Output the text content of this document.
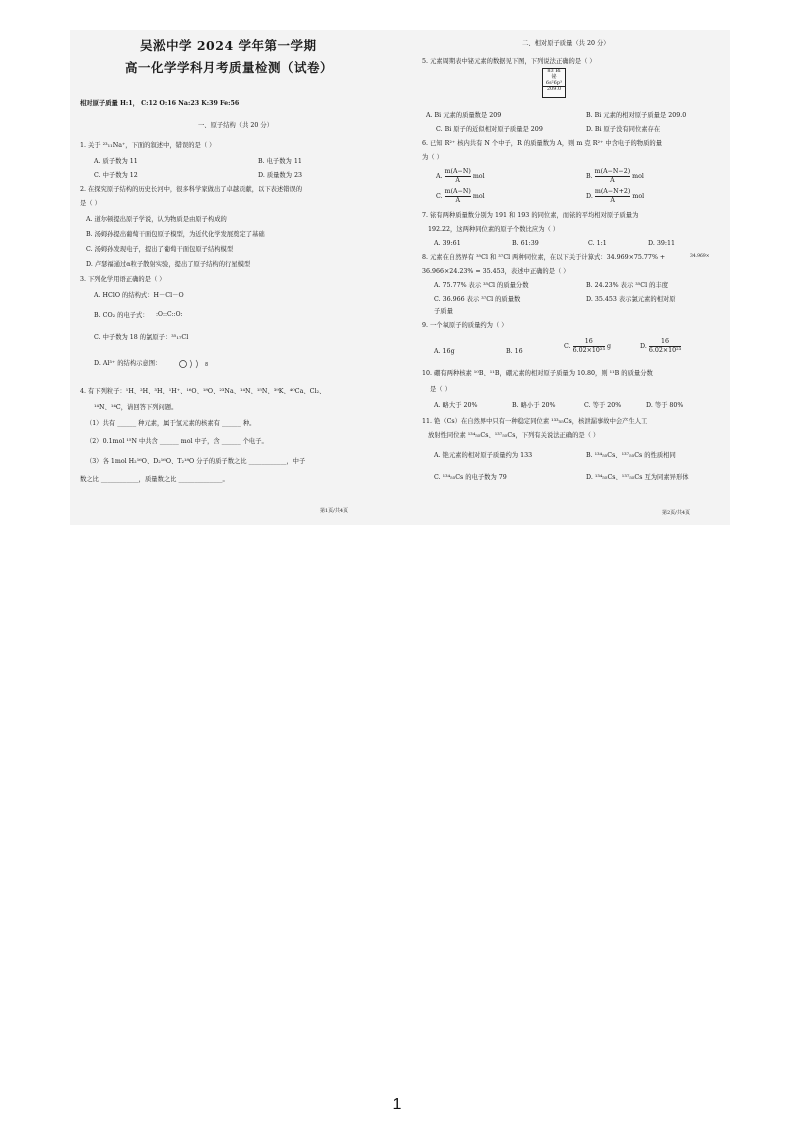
吴淞中学 2024 学年第一学期
高一化学学科月考质量检测（试卷）
相对原子质量 H:1， C:12 O:16 Na:23 K:39 Fe:56
一、原子结构（共 20 分）
1. 关于 ²³₁₁Na⁺，下面的叙述中，错误的是（ ）
A. 质子数为 11	B. 电子数为 11
C. 中子数为 12	D. 质量数为 23
2. 在探究原子结构的历史长河中，很多科学家做出了卓越贡献，以下表述错误的
是（ ）
A. 道尔顿提出原子学说，认为物质是由原子构成的
B. 汤姆孙提出葡萄干面包原子模型，为近代化学发展奠定了基础
C. 汤姆孙发现电子，提出了葡萄干面包原子结构模型
D. 卢瑟福通过α粒子散射实验，提出了原子结构的行星模型
3. 下列化学用语正确的是（ ）
A. HClO 的结构式：H－Cl－O
B. CO₂ 的电子式： :O::C::O:
C. 中子数为 18 的氯原子：³⁵₁₇Cl
D. Al³⁺ 的结构示意图：	8
4. 有下列粒子：¹H、²H、³H、¹H⁺、¹⁶O、¹⁸O、²³Na、¹⁴N、¹⁵N、³⁹K、⁴⁰Ca、Cl₂、
¹⁴N、¹⁴C，请回答下列问题。
（1）共有 ______ 种元素，属于氢元素的核素有 ______ 种。
（2）0.1mol ¹⁵N 中共含 ______ mol 中子，含 ______ 个电子。
（3）各 1mol H₂¹⁶O、D₂¹⁶O、T₂¹⁸O 分子的质子数之比 ____________，中子
数之比 ____________，质量数之比 ______________。
第1页/共4页
二、相对原子质量（共 20 分）
5. 元素周期表中铋元素的数据见下图，下列说法正确的是（ ）
83 Bi
铋
6s²6p³
209.0
A. Bi 元素的质量数是 209	B. Bi 元素的相对原子质量是 209.0
C. Bi 原子的近似相对原子质量是 209	D. Bi 原子没有同位素存在
6. 已知 R²⁺ 核内共有 N 个中子，R 的质量数为 A，则 m 克 R²⁺ 中含电子的物质的量
为（ ）
A. $\frac{m(A-N)}{A}$ mol	B. $\frac{m(A-N-2)}{A}$ mol
C. $\frac{m(A-N)}{A}$ mol	D. $\frac{m(A-N+2)}{A}$ mol
7. 铱有两种质量数分别为 191 和 193 的同位素，而铱的平均相对原子质量为
192.22，这两种同位素的原子个数比应为（ ）
A. 39:61	B. 61:39	C. 1:1	D. 39:11
8. 元素在自然界有 ³⁵Cl 和 ³⁷Cl 两种同位素，在以下关于计算式：34.969×75.77% +	34.969×
36.966×24.23% = 35.453，表述中正确的是（ ）
A. 75.77% 表示 ³⁵Cl 的质量分数	B. 24.23% 表示 ³⁵Cl 的丰度
C. 36.966 表示 ³⁷Cl 的质量数	D. 35.453 表示氯元素的相对原
子质量
9. 一个氧原子的质量约为（ ）
A. 16g	B. 16
C. $\frac{16}{\text{6.02×10²³}}$ g	D. $\frac{16}{\text{6.02×10²³}}$
10. 硼有两种核素 ¹⁰B、¹¹B，硼元素的相对原子质量为 10.80，则 ¹¹B 的质量分数
是（ ）
A. 略大于 20%	B. 略小于 20%	C. 等于 20%	D. 等于 80%
11. 铯（Cs）在自然界中只有一种稳定同位素 ¹³³₅₅Cs，核泄漏事故中会产生人工
放射性同位素 ¹³⁴₅₅Cs、¹³⁷₅₅Cs，下列有关说法正确的是（ ）
A. 铯元素的相对原子质量约为 133	B. ¹³⁴₅₅Cs、¹³⁷₅₅Cs 的性质相同
C. ¹³⁴₅₅Cs 的电子数为 79	D. ¹³⁴₅₅Cs、¹³⁷₅₅Cs 互为同素异形体
第2页/共4页
1
